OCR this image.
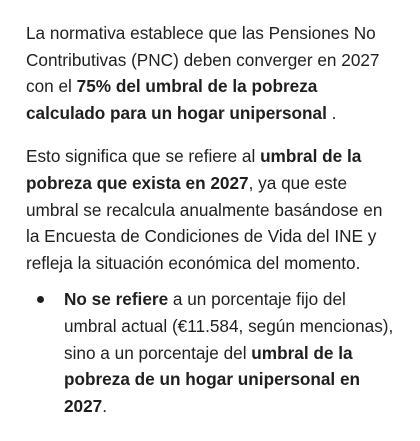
La normativa establece que las Pensiones No Contributivas (PNC) deben converger en 2027 con el 75% del umbral de la pobreza calculado para un hogar unipersonal .

Esto significa que se refiere al umbral de la pobreza que exista en 2027, ya que este umbral se recalcula anualmente basándose en la Encuesta de Condiciones de Vida del INE y refleja la situación económica del momento.

No se refiere a un porcentaje fijo del umbral actual (€11.584, según mencionas), sino a un porcentaje del umbral de la pobreza de un hogar unipersonal en 2027.
